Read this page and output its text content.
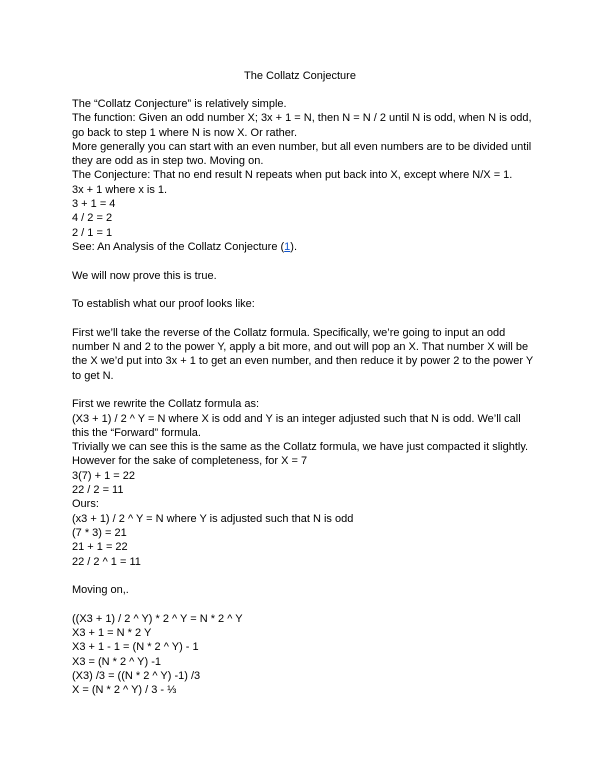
The Collatz Conjecture
The “Collatz Conjecture” is relatively simple.
The function: Given an odd number X; 3x + 1 = N, then N = N / 2 until N is odd, when N is odd,
go back to step 1 where N is now X. Or rather.
More generally you can start with an even number, but all even numbers are to be divided until
they are odd as in step two. Moving on.
The Conjecture: That no end result N repeats when put back into X, except where N/X = 1.
3x + 1 where x is 1.
3 + 1 = 4
4 / 2 = 2
2 / 1 = 1
See: An Analysis of the Collatz Conjecture (1).
We will now prove this is true.
To establish what our proof looks like:
First we’ll take the reverse of the Collatz formula. Specifically, we’re going to input an odd
number N and 2 to the power Y, apply a bit more, and out will pop an X. That number X will be
the X we’d put into 3x + 1 to get an even number, and then reduce it by power 2 to the power Y
to get N.
First we rewrite the Collatz formula as:
(X3 + 1) / 2 ^ Y = N where X is odd and Y is an integer adjusted such that N is odd. We’ll call
this the “Forward” formula.
Trivially we can see this is the same as the Collatz formula, we have just compacted it slightly.
However for the sake of completeness, for X = 7
3(7) + 1 = 22
22 / 2 = 11
Ours:
(x3 + 1) / 2 ^ Y = N where Y is adjusted such that N is odd
(7 * 3) = 21
21 + 1 = 22
22 / 2 ^ 1 = 11
Moving on,.
((X3 + 1) / 2 ^ Y) * 2 ^ Y = N * 2 ^ Y
X3 + 1 = N * 2 Y
X3 + 1 - 1 = (N * 2 ^ Y) - 1
X3 = (N * 2 ^ Y) -1
(X3) /3 = ((N * 2 ^ Y) -1) /3
X = (N * 2 ^ Y) / 3 - ⅓
